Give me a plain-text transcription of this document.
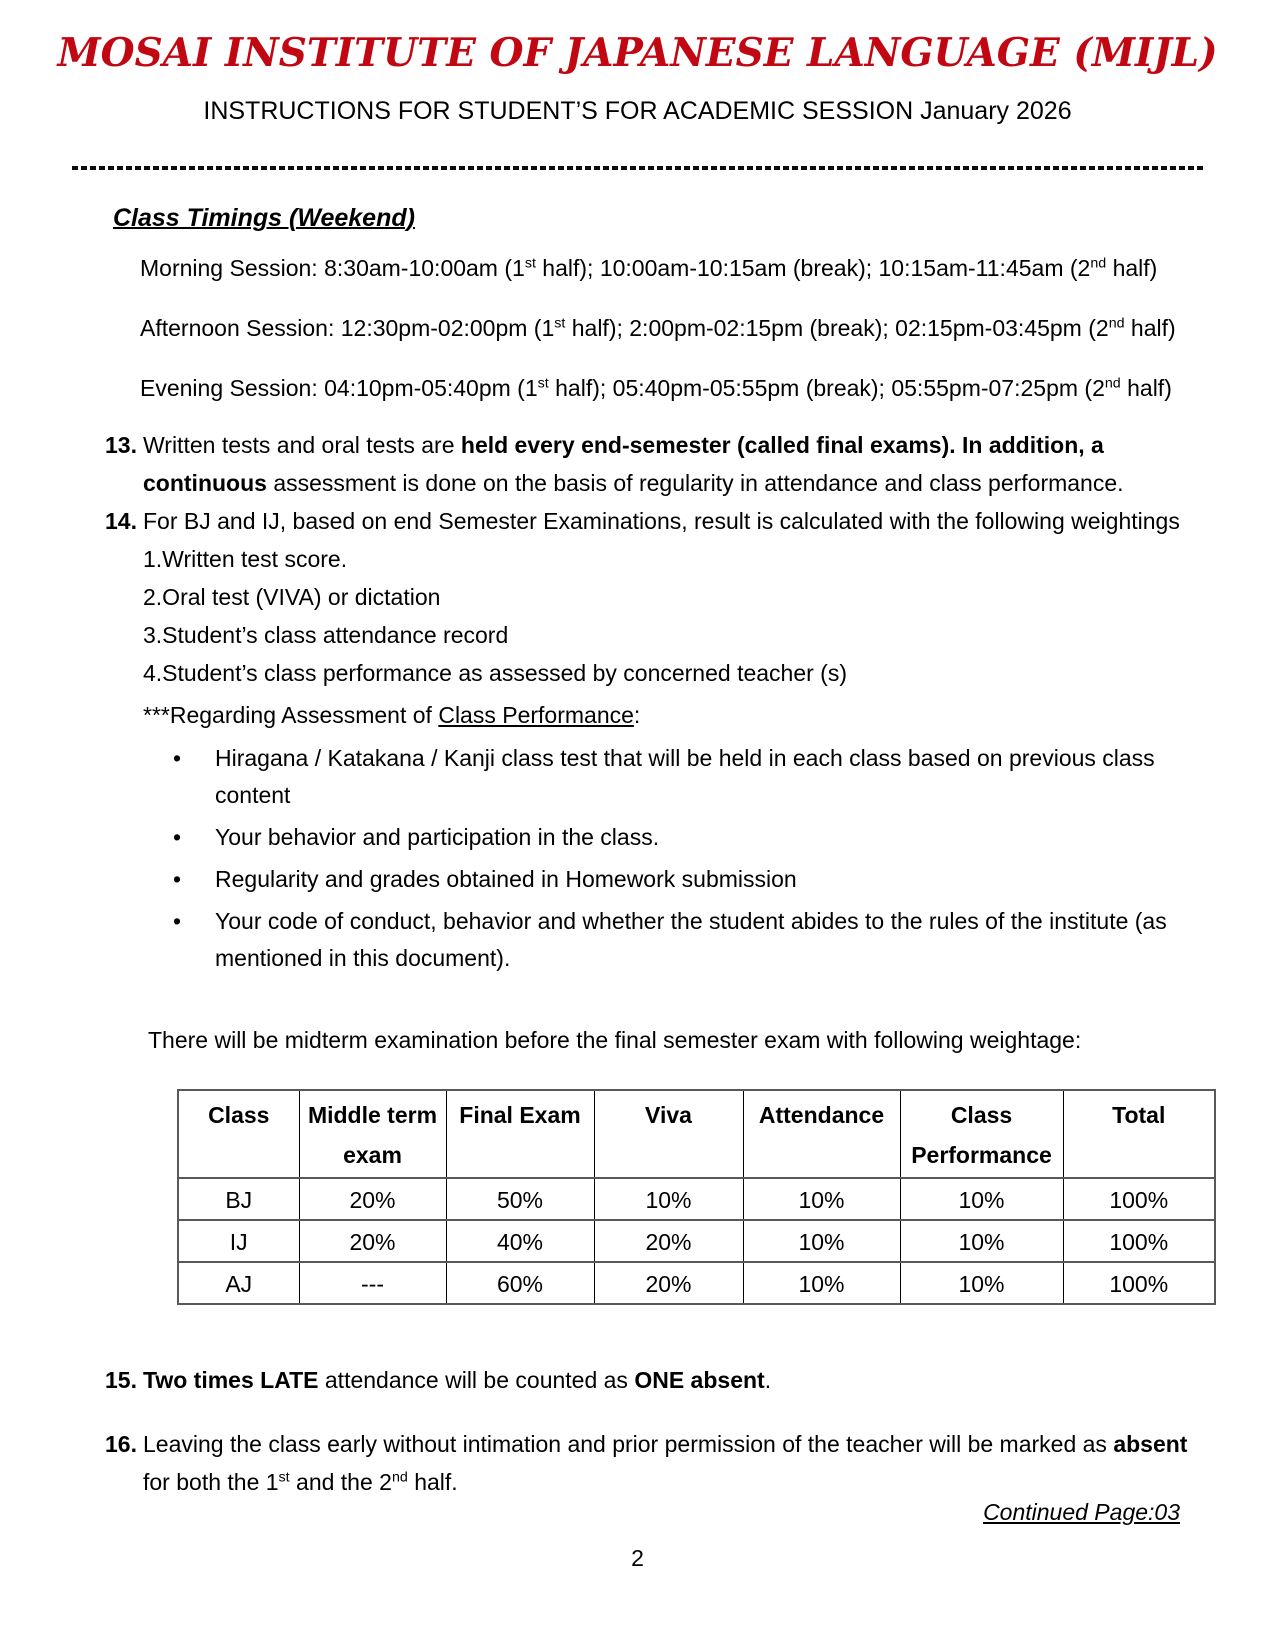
MOSAI INSTITUTE OF JAPANESE LANGUAGE (MIJL)
INSTRUCTIONS FOR STUDENT’S FOR ACADEMIC SESSION January 2026
Class Timings (Weekend)
Morning Session: 8:30am-10:00am (1st half); 10:00am-10:15am (break); 10:15am-11:45am (2nd half)
Afternoon Session: 12:30pm-02:00pm (1st half); 2:00pm-02:15pm (break); 02:15pm-03:45pm (2nd half)
Evening Session: 04:10pm-05:40pm (1st half); 05:40pm-05:55pm (break); 05:55pm-07:25pm (2nd half)
13. Written tests and oral tests are held every end-semester (called final exams). In addition, a
continuous assessment is done on the basis of regularity in attendance and class performance.
14. For BJ and IJ, based on end Semester Examinations, result is calculated with the following weightings
1.Written test score.
2.Oral test (VIVA) or dictation
3.Student’s class attendance record
4.Student’s class performance as assessed by concerned teacher (s)
***Regarding Assessment of Class Performance:
•	Hiragana / Katakana / Kanji class test that will be held in each class based on previous class
content
•	Your behavior and participation in the class.
•	Regularity and grades obtained in Homework submission
•	Your code of conduct, behavior and whether the student abides to the rules of the institute (as
mentioned in this document).
There will be midterm examination before the final semester exam with following weightage:
Class	Middle term exam	Final Exam	Viva	Attendance	Class Performance	Total
BJ	20%	50%	10%	10%	10%	100%
IJ	20%	40%	20%	10%	10%	100%
AJ	---	60%	20%	10%	10%	100%
15. Two times LATE attendance will be counted as ONE absent.
16. Leaving the class early without intimation and prior permission of the teacher will be marked as absent
for both the 1st and the 2nd half.
Continued Page:03
2
